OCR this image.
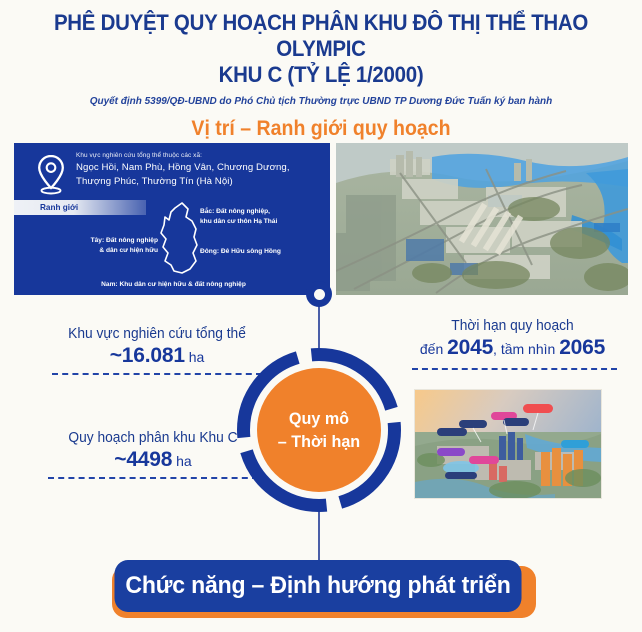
PHÊ DUYỆT QUY HOẠCH PHÂN KHU ĐÔ THỊ THỂ THAO OLYMPIC
KHU C (TỶ LỆ 1/2000)
Quyết định 5399/QĐ-UBND do Phó Chủ tịch Thường trực UBND TP Dương Đức Tuấn ký ban hành
Vị trí – Ranh giới quy hoạch
Khu vực nghiên cứu tổng thể thuộc các xã:
Ngọc Hồi, Nam Phù, Hồng Vân, Chương Dương,
Thượng Phúc, Thường Tín (Hà Nội)
Ranh giới
Tây: Đất nông nghiệp
& dân cư hiện hữu
Bắc: Đất nông nghiệp,
khu dân cư thôn Hạ Thái
Đông: Đê Hữu sông Hồng
Nam: Khu dân cư hiện hữu & đất nông nghiệp
Khu vực nghiên cứu tổng thể
~16.081 ha
Quy hoạch phân khu Khu C
~4498 ha
Thời hạn quy hoạch
đến 2045, tầm nhìn 2065
Quy mô
– Thời hạn
Chức năng – Định hướng phát triển
